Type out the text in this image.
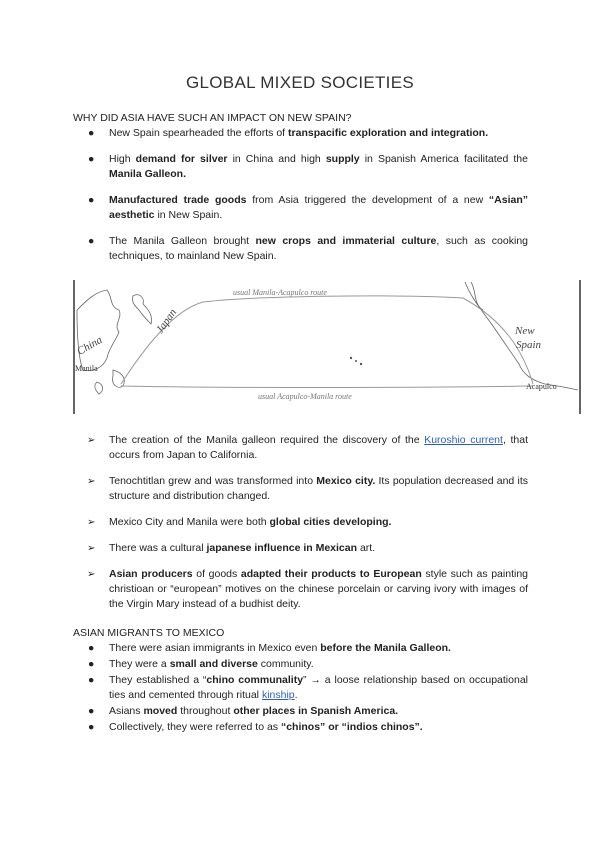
GLOBAL MIXED SOCIETIES
WHY DID ASIA HAVE SUCH AN IMPACT ON NEW SPAIN?
● New Spain spearheaded the efforts of transpacific exploration and integration.
● High demand for silver in China and high supply in Spanish America facilitated the Manila Galleon.
● Manufactured trade goods from Asia triggered the development of a new “Asian” aesthetic in New Spain.
● The Manila Galleon brought new crops and immaterial culture, such as cooking techniques, to mainland New Spain.
usual Manila-Acapulco route
usual Acapulco-Manila route
China
Japan
Manila
New
Spain
Acapulco
➢ The creation of the Manila galleon required the discovery of the Kuroshio current, that occurs from Japan to California.
➢ Tenochtitlan grew and was transformed into Mexico city. Its population decreased and its structure and distribution changed.
➢ Mexico City and Manila were both global cities developing.
➢ There was a cultural japanese influence in Mexican art.
➢ Asian producers of goods adapted their products to European style such as painting christioan or “european” motives on the chinese porcelain or carving ivory with images of the Virgin Mary instead of a budhist deity.
ASIAN MIGRANTS TO MEXICO
● There were asian immigrants in Mexico even before the Manila Galleon.
● They were a small and diverse community.
● They established a “chino communality” → a loose relationship based on occupational ties and cemented through ritual kinship.
● Asians moved throughout other places in Spanish America.
● Collectively, they were referred to as “chinos” or “indios chinos”.
